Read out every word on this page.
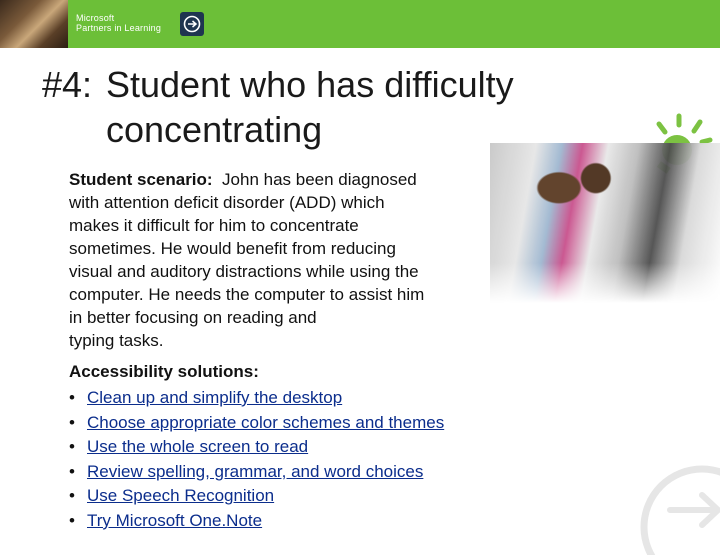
Microsoft
Partners in Learning
#4: Student who has difficulty
concentrating
Student scenario: John has been diagnosed
with attention deficit disorder (ADD) which
makes it difficult for him to concentrate
sometimes. He would benefit from reducing
visual and auditory distractions while using the
computer. He needs the computer to assist him
in better focusing on reading and
typing tasks.
Accessibility solutions:
• Clean up and simplify the desktop
• Choose appropriate color schemes and themes
• Use the whole screen to read
• Review spelling, grammar, and word choices
• Use Speech Recognition
• Try Microsoft One.Note
